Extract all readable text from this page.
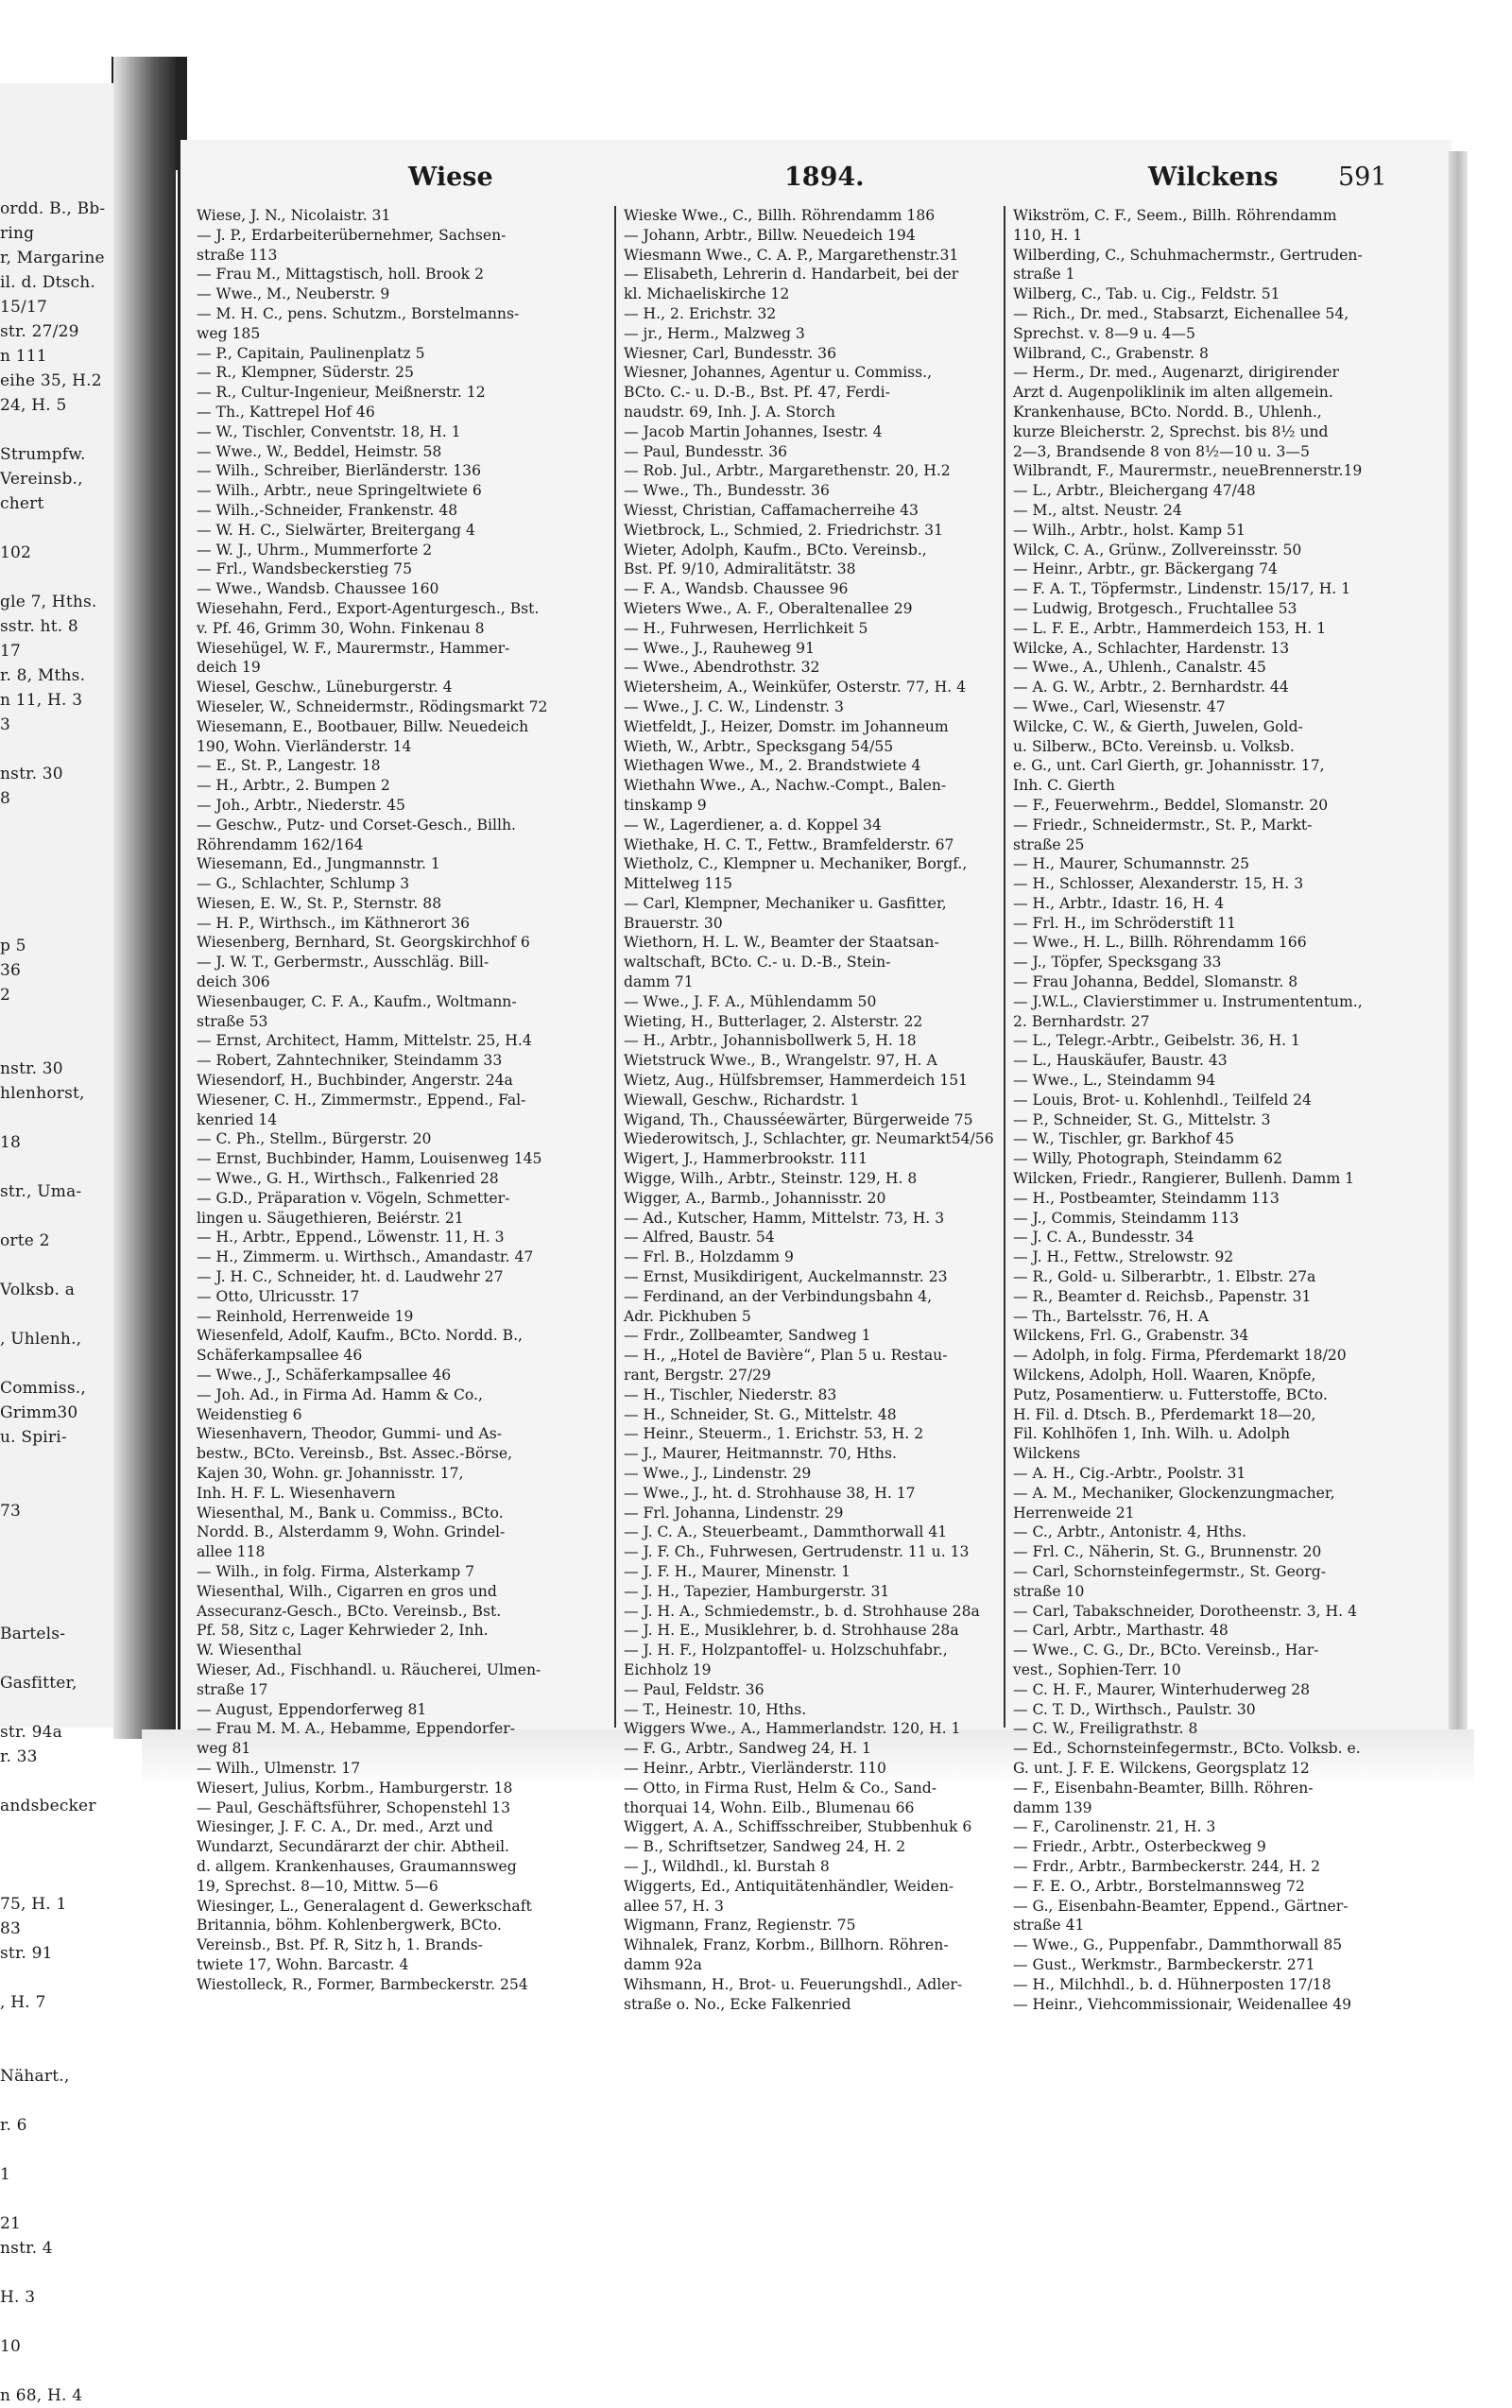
ordd. B., Bb-
ring
r, Margarine
il. d. Dtsch.
15/17
str. 27/29
n 111
eihe 35, H.2
24, H. 5
Strumpfw.
Vereinsb.,
chert
102
gle 7, Hths.
sstr. ht. 8
17
r. 8, Mths.
n 11, H. 3
3
nstr. 30
8
p 5
36
2
nstr. 30
hlenhorst,
18
str., Uma-
orte 2
Volksb. a
, Uhlenh.,
Commiss.,
Grimm30
u. Spiri-
73
Bartels-
Gasfitter,
str. 94a
r. 33
andsbecker
75, H. 1
83
str. 91
, H. 7
Nähart.,
r. 6
1
21
nstr. 4
H. 3
10
n 68, H. 4
Wiese	1894.	Wilckens 591
Wiese, J. N., Nicolaistr. 31
— J. P., Erdarbeiterübernehmer, Sachsen-
straße 113
— Frau M., Mittagstisch, holl. Brook 2
— Wwe., M., Neuberstr. 9
— M. H. C., pens. Schutzm., Borstelmanns-
weg 185
— P., Capitain, Paulinenplatz 5
— R., Klempner, Süderstr. 25
— R., Cultur-Ingenieur, Meißnerstr. 12
— Th., Kattrepel Hof 46
— W., Tischler, Conventstr. 18, H. 1
— Wwe., W., Beddel, Heimstr. 58
— Wilh., Schreiber, Bierländerstr. 136
— Wilh., Arbtr., neue Springeltwiete 6
— Wilh.,-Schneider, Frankenstr. 48
— W. H. C., Sielwärter, Breitergang 4
— W. J., Uhrm., Mummerforte 2
— Frl., Wandsbeckerstieg 75
— Wwe., Wandsb. Chaussee 160
Wiesehahn, Ferd., Export-Agenturgesch., Bst.
v. Pf. 46, Grimm 30, Wohn. Finkenau 8
Wiesehügel, W. F., Maurermstr., Hammer-
deich 19
Wiesel, Geschw., Lüneburgerstr. 4
Wieseler, W., Schneidermstr., Rödingsmarkt 72
Wiesemann, E., Bootbauer, Billw. Neuedeich
190, Wohn. Vierländerstr. 14
— E., St. P., Langestr. 18
— H., Arbtr., 2. Bumpen 2
— Joh., Arbtr., Niederstr. 45
— Geschw., Putz- und Corset-Gesch., Billh.
Röhrendamm 162/164
Wiesemann, Ed., Jungmannstr. 1
— G., Schlachter, Schlump 3
Wiesen, E. W., St. P., Sternstr. 88
— H. P., Wirthsch., im Käthnerort 36
Wiesenberg, Bernhard, St. Georgskirchhof 6
— J. W. T., Gerbermstr., Ausschläg. Bill-
deich 306
Wiesenbauger, C. F. A., Kaufm., Woltmann-
straße 53
— Ernst, Architect, Hamm, Mittelstr. 25, H.4
— Robert, Zahntechniker, Steindamm 33
Wiesendorf, H., Buchbinder, Angerstr. 24a
Wiesener, C. H., Zimmermstr., Eppend., Fal-
kenried 14
— C. Ph., Stellm., Bürgerstr. 20
— Ernst, Buchbinder, Hamm, Louisenweg 145
— Wwe., G. H., Wirthsch., Falkenried 28
— G.D., Präparation v. Vögeln, Schmetter-
lingen u. Säugethieren, Beiérstr. 21
— H., Arbtr., Eppend., Löwenstr. 11, H. 3
— H., Zimmerm. u. Wirthsch., Amandastr. 47
— J. H. C., Schneider, ht. d. Laudwehr 27
— Otto, Ulricusstr. 17
— Reinhold, Herrenweide 19
Wiesenfeld, Adolf, Kaufm., BCto. Nordd. B.,
Schäferkampsallee 46
— Wwe., J., Schäferkampsallee 46
— Joh. Ad., in Firma Ad. Hamm & Co.,
Weidenstieg 6
Wiesenhavern, Theodor, Gummi- und As-
bestw., BCto. Vereinsb., Bst. Assec.-Börse,
Kajen 30, Wohn. gr. Johannisstr. 17,
Inh. H. F. L. Wiesenhavern
Wiesenthal, M., Bank u. Commiss., BCto.
Nordd. B., Alsterdamm 9, Wohn. Grindel-
allee 118
— Wilh., in folg. Firma, Alsterkamp 7
Wiesenthal, Wilh., Cigarren en gros und
Assecuranz-Gesch., BCto. Vereinsb., Bst.
Pf. 58, Sitz c, Lager Kehrwieder 2, Inh.
W. Wiesenthal
Wieser, Ad., Fischhandl. u. Räucherei, Ulmen-
straße 17
— August, Eppendorferweg 81
— Frau M. M. A., Hebamme, Eppendorfer-
weg 81
— Wilh., Ulmenstr. 17
Wiesert, Julius, Korbm., Hamburgerstr. 18
— Paul, Geschäftsführer, Schopenstehl 13
Wiesinger, J. F. C. A., Dr. med., Arzt und
Wundarzt, Secundärarzt der chir. Abtheil.
d. allgem. Krankenhauses, Graumannsweg
19, Sprechst. 8—10, Mittw. 5—6
Wiesinger, L., Generalagent d. Gewerkschaft
Britannia, böhm. Kohlenbergwerk, BCto.
Vereinsb., Bst. Pf. R, Sitz h, 1. Brands-
twiete 17, Wohn. Barcastr. 4
Wiestolleck, R., Former, Barmbeckerstr. 254
Wieske Wwe., C., Billh. Röhrendamm 186
— Johann, Arbtr., Billw. Neuedeich 194
Wiesmann Wwe., C. A. P., Margarethenstr.31
— Elisabeth, Lehrerin d. Handarbeit, bei der
kl. Michaeliskirche 12
— H., 2. Erichstr. 32
— jr., Herm., Malzweg 3
Wiesner, Carl, Bundesstr. 36
Wiesner, Johannes, Agentur u. Commiss.,
BCto. C.- u. D.-B., Bst. Pf. 47, Ferdi-
naudstr. 69, Inh. J. A. Storch
— Jacob Martin Johannes, Isestr. 4
— Paul, Bundesstr. 36
— Rob. Jul., Arbtr., Margarethenstr. 20, H.2
— Wwe., Th., Bundesstr. 36
Wiesst, Christian, Caffamacherreihe 43
Wietbrock, L., Schmied, 2. Friedrichstr. 31
Wieter, Adolph, Kaufm., BCto. Vereinsb.,
Bst. Pf. 9/10, Admiralitätstr. 38
— F. A., Wandsb. Chaussee 96
Wieters Wwe., A. F., Oberaltenallee 29
— H., Fuhrwesen, Herrlichkeit 5
— Wwe., J., Rauheweg 91
— Wwe., Abendrothstr. 32
Wietersheim, A., Weinküfer, Osterstr. 77, H. 4
— Wwe., J. C. W., Lindenstr. 3
Wietfeldt, J., Heizer, Domstr. im Johanneum
Wieth, W., Arbtr., Specksgang 54/55
Wiethagen Wwe., M., 2. Brandstwiete 4
Wiethahn Wwe., A., Nachw.-Compt., Balen-
tinskamp 9
— W., Lagerdiener, a. d. Koppel 34
Wiethake, H. C. T., Fettw., Bramfelderstr. 67
Wietholz, C., Klempner u. Mechaniker, Borgf.,
Mittelweg 115
— Carl, Klempner, Mechaniker u. Gasfitter,
Brauerstr. 30
Wiethorn, H. L. W., Beamter der Staatsan-
waltschaft, BCto. C.- u. D.-B., Stein-
damm 71
— Wwe., J. F. A., Mühlendamm 50
Wieting, H., Butterlager, 2. Alsterstr. 22
— H., Arbtr., Johannisbollwerk 5, H. 18
Wietstruck Wwe., B., Wrangelstr. 97, H. A
Wietz, Aug., Hülfsbremser, Hammerdeich 151
Wiewall, Geschw., Richardstr. 1
Wigand, Th., Chausséewärter, Bürgerweide 75
Wiederowitsch, J., Schlachter, gr. Neumarkt54/56
Wigert, J., Hammerbrookstr. 111
Wigge, Wilh., Arbtr., Steinstr. 129, H. 8
Wigger, A., Barmb., Johannisstr. 20
— Ad., Kutscher, Hamm, Mittelstr. 73, H. 3
— Alfred, Baustr. 54
— Frl. B., Holzdamm 9
— Ernst, Musikdirigent, Auckelmannstr. 23
— Ferdinand, an der Verbindungsbahn 4,
Adr. Pickhuben 5
— Frdr., Zollbeamter, Sandweg 1
— H., „Hotel de Bavière“, Plan 5 u. Restau-
rant, Bergstr. 27/29
— H., Tischler, Niederstr. 83
— H., Schneider, St. G., Mittelstr. 48
— Heinr., Steuerm., 1. Erichstr. 53, H. 2
— J., Maurer, Heitmannstr. 70, Hths.
— Wwe., J., Lindenstr. 29
— Wwe., J., ht. d. Strohhause 38, H. 17
— Frl. Johanna, Lindenstr. 29
— J. C. A., Steuerbeamt., Dammthorwall 41
— J. F. Ch., Fuhrwesen, Gertrudenstr. 11 u. 13
— J. F. H., Maurer, Minenstr. 1
— J. H., Tapezier, Hamburgerstr. 31
— J. H. A., Schmiedemstr., b. d. Strohhause 28a
— J. H. E., Musiklehrer, b. d. Strohhause 28a
— J. H. F., Holzpantoffel- u. Holzschuhfabr.,
Eichholz 19
— Paul, Feldstr. 36
— T., Heinestr. 10, Hths.
Wiggers Wwe., A., Hammerlandstr. 120, H. 1
— F. G., Arbtr., Sandweg 24, H. 1
— Heinr., Arbtr., Vierländerstr. 110
— Otto, in Firma Rust, Helm & Co., Sand-
thorquai 14, Wohn. Eilb., Blumenau 66
Wiggert, A. A., Schiffsschreiber, Stubbenhuk 6
— B., Schriftsetzer, Sandweg 24, H. 2
— J., Wildhdl., kl. Burstah 8
Wiggerts, Ed., Antiquitätenhändler, Weiden-
allee 57, H. 3
Wigmann, Franz, Regienstr. 75
Wihnalek, Franz, Korbm., Billhorn. Röhren-
damm 92a
Wihsmann, H., Brot- u. Feuerungshdl., Adler-
straße o. No., Ecke Falkenried
Wikström, C. F., Seem., Billh. Röhrendamm
110, H. 1
Wilberding, C., Schuhmachermstr., Gertruden-
straße 1
Wilberg, C., Tab. u. Cig., Feldstr. 51
— Rich., Dr. med., Stabsarzt, Eichenallee 54,
Sprechst. v. 8—9 u. 4—5
Wilbrand, C., Grabenstr. 8
— Herm., Dr. med., Augenarzt, dirigirender
Arzt d. Augenpoliklinik im alten allgemein.
Krankenhause, BCto. Nordd. B., Uhlenh.,
kurze Bleicherstr. 2, Sprechst. bis 8½ und
2—3, Brandsende 8 von 8½—10 u. 3—5
Wilbrandt, F., Maurermstr., neueBrennerstr.19
— L., Arbtr., Bleichergang 47/48
— M., altst. Neustr. 24
— Wilh., Arbtr., holst. Kamp 51
Wilck, C. A., Grünw., Zollvereinsstr. 50
— Heinr., Arbtr., gr. Bäckergang 74
— F. A. T., Töpfermstr., Lindenstr. 15/17, H. 1
— Ludwig, Brotgesch., Fruchtallee 53
— L. F. E., Arbtr., Hammerdeich 153, H. 1
Wilcke, A., Schlachter, Hardenstr. 13
— Wwe., A., Uhlenh., Canalstr. 45
— A. G. W., Arbtr., 2. Bernhardstr. 44
— Wwe., Carl, Wiesenstr. 47
Wilcke, C. W., & Gierth, Juwelen, Gold-
u. Silberw., BCto. Vereinsb. u. Volksb.
e. G., unt. Carl Gierth, gr. Johannisstr. 17,
Inh. C. Gierth
— F., Feuerwehrm., Beddel, Slomanstr. 20
— Friedr., Schneidermstr., St. P., Markt-
straße 25
— H., Maurer, Schumannstr. 25
— H., Schlosser, Alexanderstr. 15, H. 3
— H., Arbtr., Idastr. 16, H. 4
— Frl. H., im Schröderstift 11
— Wwe., H. L., Billh. Röhrendamm 166
— J., Töpfer, Specksgang 33
— Frau Johanna, Beddel, Slomanstr. 8
— J.W.L., Clavierstimmer u. Instrumententum.,
2. Bernhardstr. 27
— L., Telegr.-Arbtr., Geibelstr. 36, H. 1
— L., Hauskäufer, Baustr. 43
— Wwe., L., Steindamm 94
— Louis, Brot- u. Kohlenhdl., Teilfeld 24
— P., Schneider, St. G., Mittelstr. 3
— W., Tischler, gr. Barkhof 45
— Willy, Photograph, Steindamm 62
Wilcken, Friedr., Rangierer, Bullenh. Damm 1
— H., Postbeamter, Steindamm 113
— J., Commis, Steindamm 113
— J. C. A., Bundesstr. 34
— J. H., Fettw., Strelowstr. 92
— R., Gold- u. Silberarbtr., 1. Elbstr. 27a
— R., Beamter d. Reichsb., Papenstr. 31
— Th., Bartelsstr. 76, H. A
Wilckens, Frl. G., Grabenstr. 34
— Adolph, in folg. Firma, Pferdemarkt 18/20
Wilckens, Adolph, Holl. Waaren, Knöpfe,
Putz, Posamentierw. u. Futterstoffe, BCto.
H. Fil. d. Dtsch. B., Pferdemarkt 18—20,
Fil. Kohlhöfen 1, Inh. Wilh. u. Adolph
Wilckens
— A. H., Cig.-Arbtr., Poolstr. 31
— A. M., Mechaniker, Glockenzungmacher,
Herrenweide 21
— C., Arbtr., Antonistr. 4, Hths.
— Frl. C., Näherin, St. G., Brunnenstr. 20
— Carl, Schornsteinfegermstr., St. Georg-
straße 10
— Carl, Tabakschneider, Dorotheenstr. 3, H. 4
— Carl, Arbtr., Marthastr. 48
— Wwe., C. G., Dr., BCto. Vereinsb., Har-
vest., Sophien-Terr. 10
— C. H. F., Maurer, Winterhuderweg 28
— C. T. D., Wirthsch., Paulstr. 30
— C. W., Freiligrathstr. 8
— Ed., Schornsteinfegermstr., BCto. Volksb. e.
G. unt. J. F. E. Wilckens, Georgsplatz 12
— F., Eisenbahn-Beamter, Billh. Röhren-
damm 139
— F., Carolinenstr. 21, H. 3
— Friedr., Arbtr., Osterbeckweg 9
— Frdr., Arbtr., Barmbeckerstr. 244, H. 2
— F. E. O., Arbtr., Borstelmannsweg 72
— G., Eisenbahn-Beamter, Eppend., Gärtner-
straße 41
— Wwe., G., Puppenfabr., Dammthorwall 85
— Gust., Werkmstr., Barmbeckerstr. 271
— H., Milchhdl., b. d. Hühnerposten 17/18
— Heinr., Viehcommissionair, Weidenallee 49
